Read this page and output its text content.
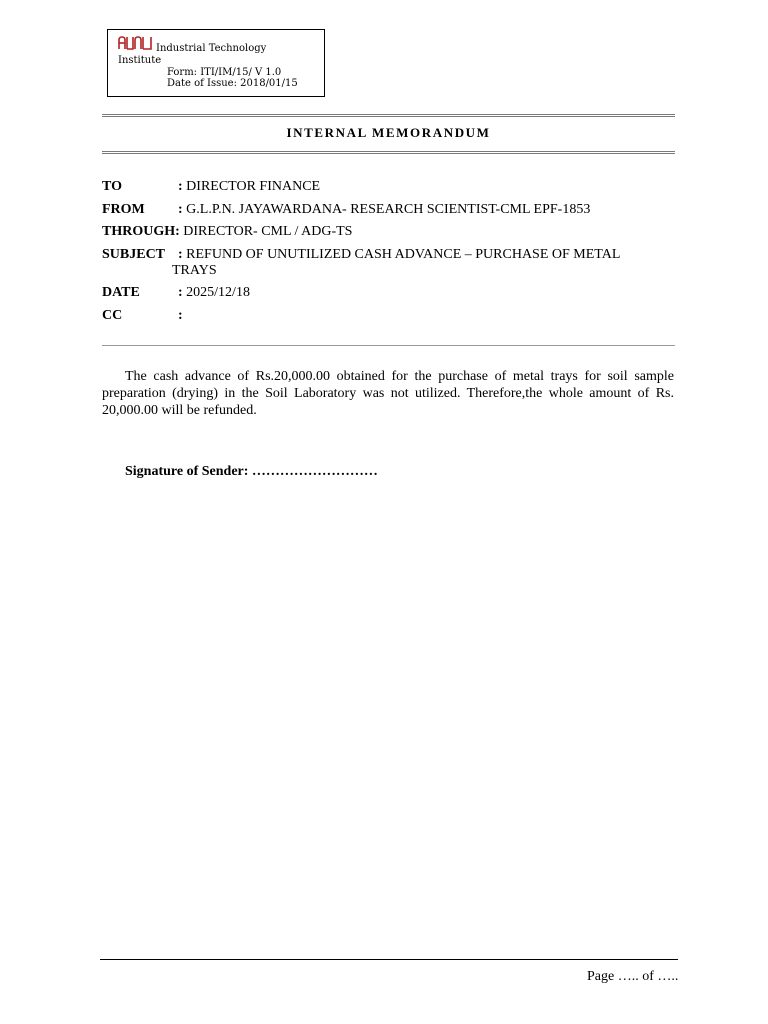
Industrial Technology
Institute
Form: ITI/IM/15/ V 1.0
Date of Issue: 2018/01/15
INTERNAL MEMORANDUM
TO	: DIRECTOR FINANCE
FROM : G.L.P.N. JAYAWARDANA- RESEARCH SCIENTIST-CML EPF-1853
THROUGH: DIRECTOR- CML / ADG-TS
SUBJECT : REFUND OF UNUTILIZED CASH ADVANCE – PURCHASE OF METAL
TRAYS
DATE	: 2025/12/18
CC	:
The cash advance of Rs.20,000.00 obtained for the purchase of metal trays for soil sample preparation (drying) in the Soil Laboratory was not utilized. Therefore,the whole amount of Rs. 20,000.00 will be refunded.
Signature of Sender: ………………………
Page ….. of …..
